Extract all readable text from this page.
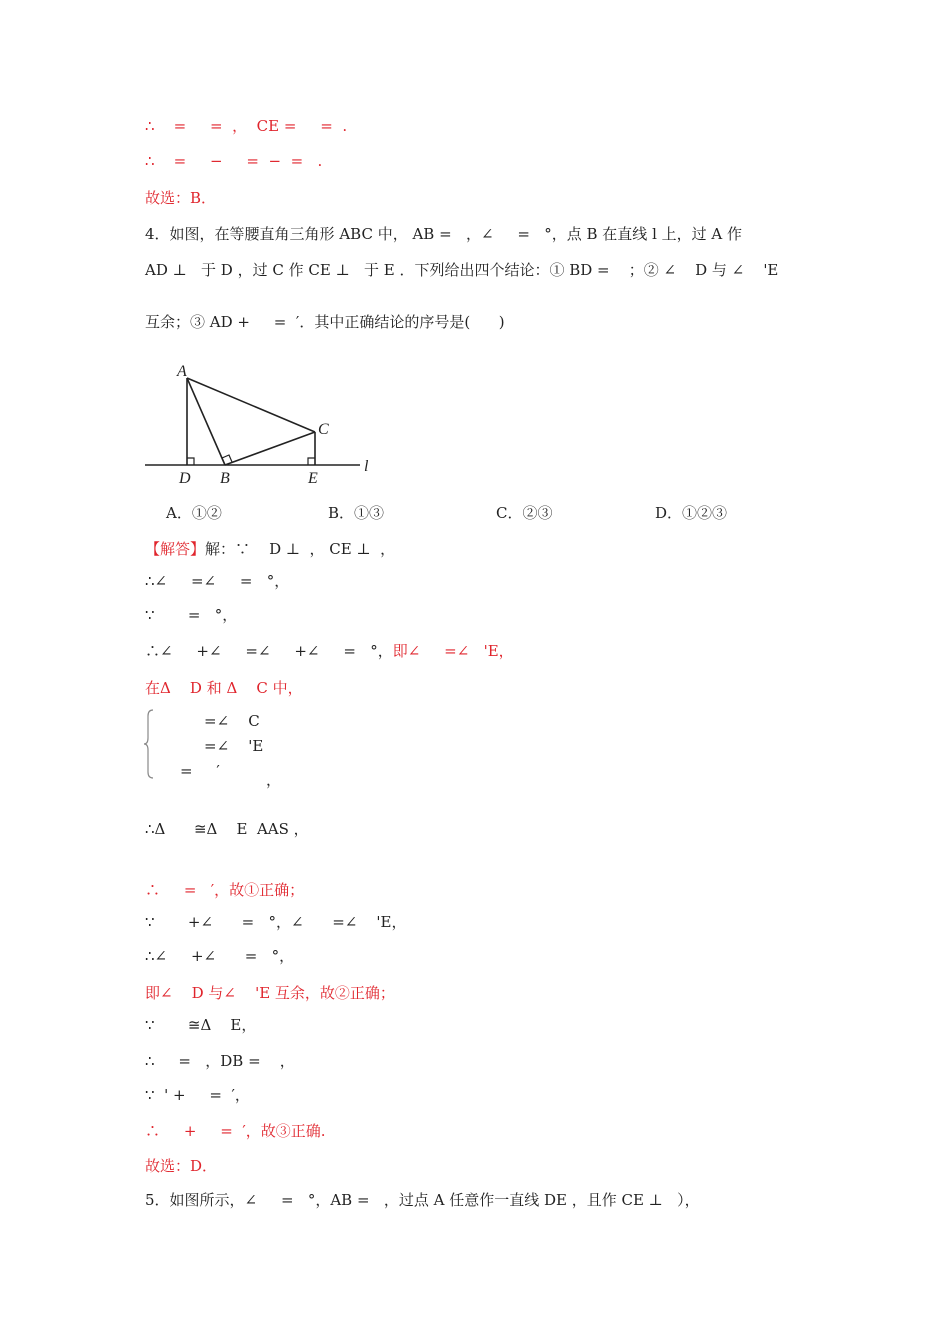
∴    =     =  ，  CE =     =  .
∴    =     −     =  −  =   .
故选：B．
4．如图，在等腰直角三角形 ABC 中， AB =   ，∠     =   °，点 B 在直线 l 上，过 A 作
AD ⊥   于 D ，过 C 作 CE ⊥   于 E ．下列给出四个结论：① BD =    ；② ∠    D 与 ∠    'E
互余；③ AD +     =  ′．其中正确结论的序号是(      )
A
C
D B	E
l
A．①②	B．①③	C．②③	D．①②③
【解答】解：∵    D ⊥  ， CE ⊥  ，
∴∠     =∠     =   °，
∵       =   °，
∴∠     +∠     =∠     +∠     =   °，即∠     =∠   'E，
在Δ    D 和 Δ    C 中，
=∠    C
=∠    'E
=     ′	，
∴Δ      ≅Δ    E  AAS ，
∴     =   ′，故①正确；
∵       +∠      =   °，∠      =∠    'E，
∴∠     +∠      =   °，
即∠    D 与∠    'E 互余，故②正确；
∵       ≅Δ    E，
∴     =   ，DB =    ，
∵  ' +     =  ′，
∴     +     =  ′，故③正确.
故选：D．
5．如图所示，∠     =   °，AB =   ，过点 A 任意作一直线 DE ，且作 CE ⊥   ），
